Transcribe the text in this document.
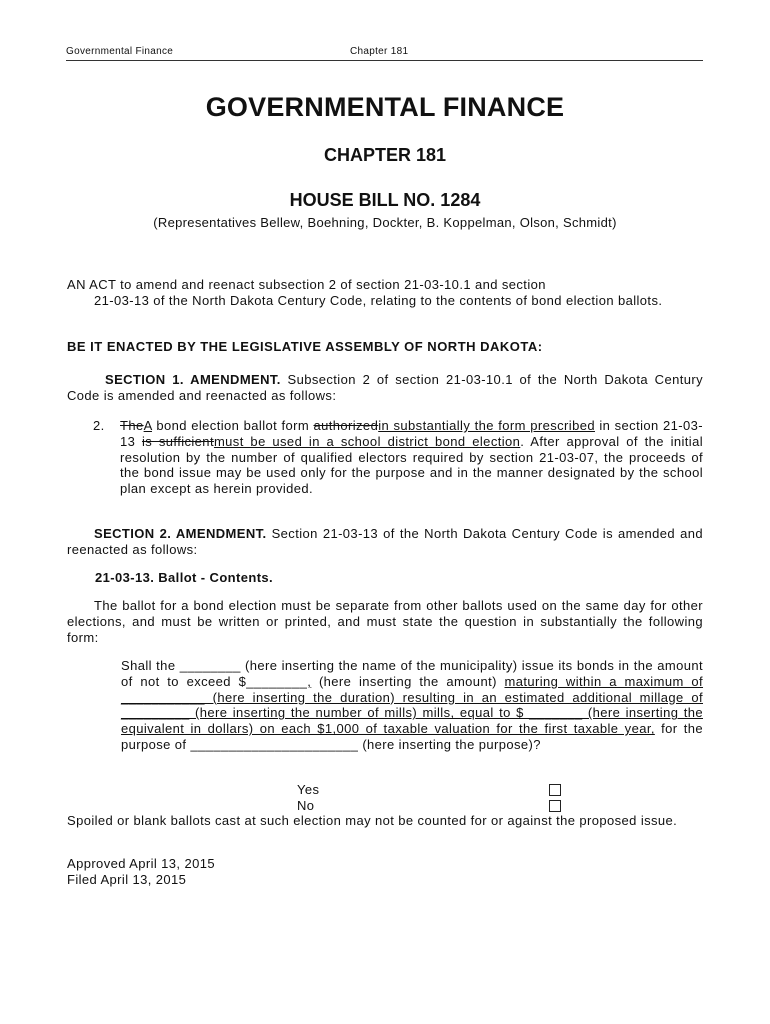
Governmental Finance	Chapter 181
GOVERNMENTAL FINANCE
CHAPTER 181
HOUSE BILL NO. 1284
(Representatives Bellew, Boehning, Dockter, B. Koppelman, Olson, Schmidt)
AN ACT to amend and reenact subsection 2 of section 21-03-10.1 and section
21-03-13 of the North Dakota Century Code, relating to the contents of bond election ballots.
BE IT ENACTED BY THE LEGISLATIVE ASSEMBLY OF NORTH DAKOTA:
SECTION 1. AMENDMENT. Subsection 2 of section 21-03-10.1 of the North Dakota Century Code is amended and reenacted as follows:
2. TheA bond election ballot form authorizedin substantially the form prescribed in section 21-03-13 is sufficientmust be used in a school district bond election. After approval of the initial resolution by the number of qualified electors required by section 21-03-07, the proceeds of the bond issue may be used only for the purpose and in the manner designated by the school plan except as herein provided.
SECTION 2. AMENDMENT. Section 21-03-13 of the North Dakota Century Code is amended and reenacted as follows:
21-03-13. Ballot - Contents.
The ballot for a bond election must be separate from other ballots used on the same day for other elections, and must be written or printed, and must state the question in substantially the following form:
Shall the ________ (here inserting the name of the municipality) issue its bonds in the amount of not to exceed $________, (here inserting the amount) maturing within a maximum of ___________ (here inserting the duration) resulting in an estimated additional millage of _________ (here inserting the number of mills) mills, equal to $ _______ (here inserting the equivalent in dollars) on each $1,000 of taxable valuation for the first taxable year, for the purpose of ______________________ (here inserting the purpose)?
Yes
No
Spoiled or blank ballots cast at such election may not be counted for or against the proposed issue.
Approved April 13, 2015
Filed April 13, 2015
